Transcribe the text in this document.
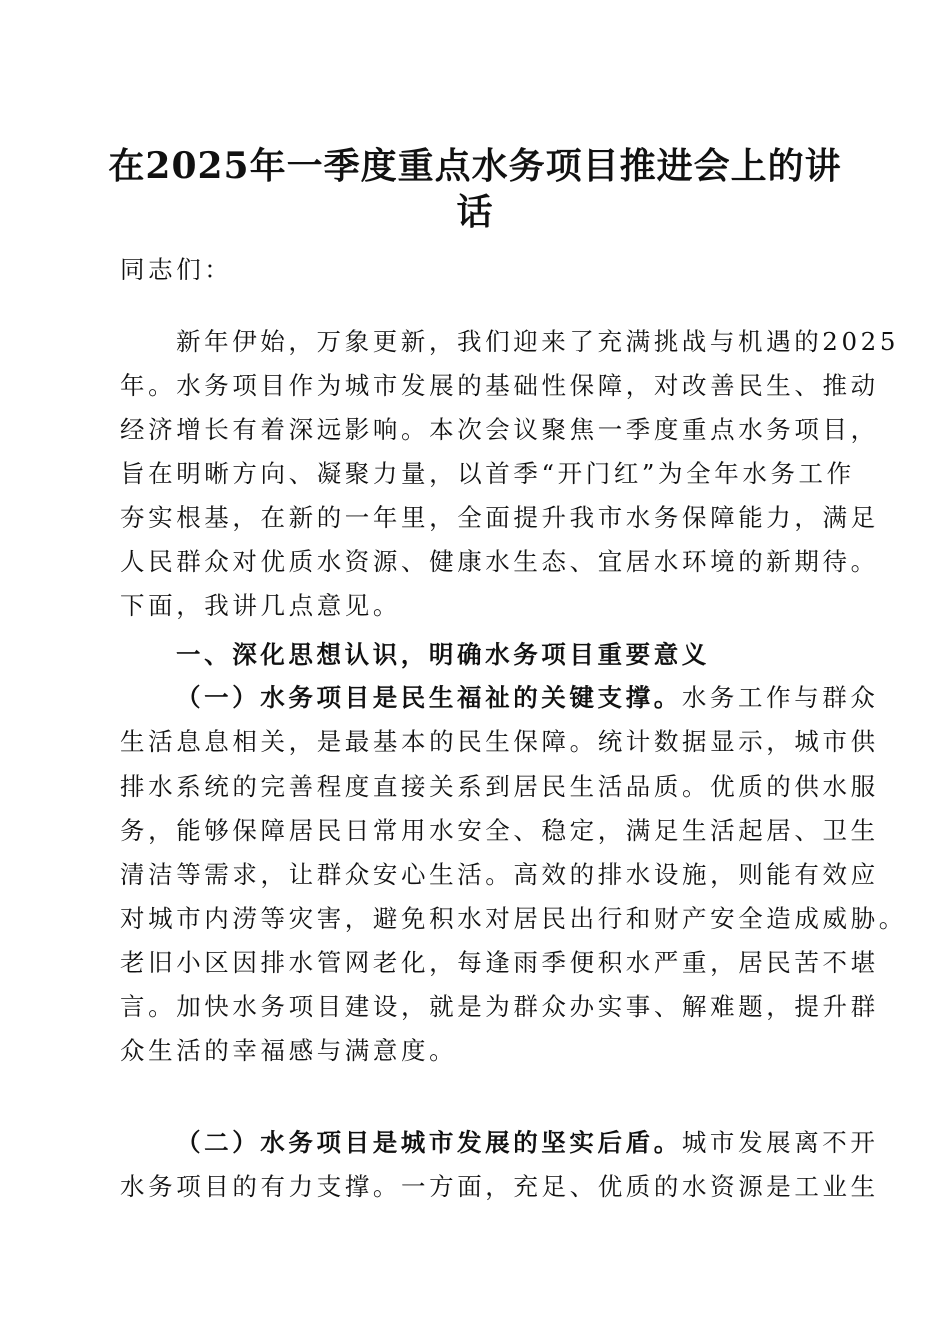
在2025年一季度重点水务项目推进会上的讲
话
同志们：
新年伊始，万象更新，我们迎来了充满挑战与机遇的2025
年。水务项目作为城市发展的基础性保障，对改善民生、推动
经济增长有着深远影响。本次会议聚焦一季度重点水务项目，
旨在明晰方向、凝聚力量，以首季“开门红”为全年水务工作
夯实根基，在新的一年里，全面提升我市水务保障能力，满足
人民群众对优质水资源、健康水生态、宜居水环境的新期待。
下面，我讲几点意见。
一、深化思想认识，明确水务项目重要意义
（一）水务项目是民生福祉的关键支撑。水务工作与群众
生活息息相关，是最基本的民生保障。统计数据显示，城市供
排水系统的完善程度直接关系到居民生活品质。优质的供水服
务，能够保障居民日常用水安全、稳定，满足生活起居、卫生
清洁等需求，让群众安心生活。高效的排水设施，则能有效应
对城市内涝等灾害，避免积水对居民出行和财产安全造成威胁。
老旧小区因排水管网老化，每逢雨季便积水严重，居民苦不堪
言。加快水务项目建设，就是为群众办实事、解难题，提升群
众生活的幸福感与满意度。
（二）水务项目是城市发展的坚实后盾。城市发展离不开
水务项目的有力支撑。一方面，充足、优质的水资源是工业生
